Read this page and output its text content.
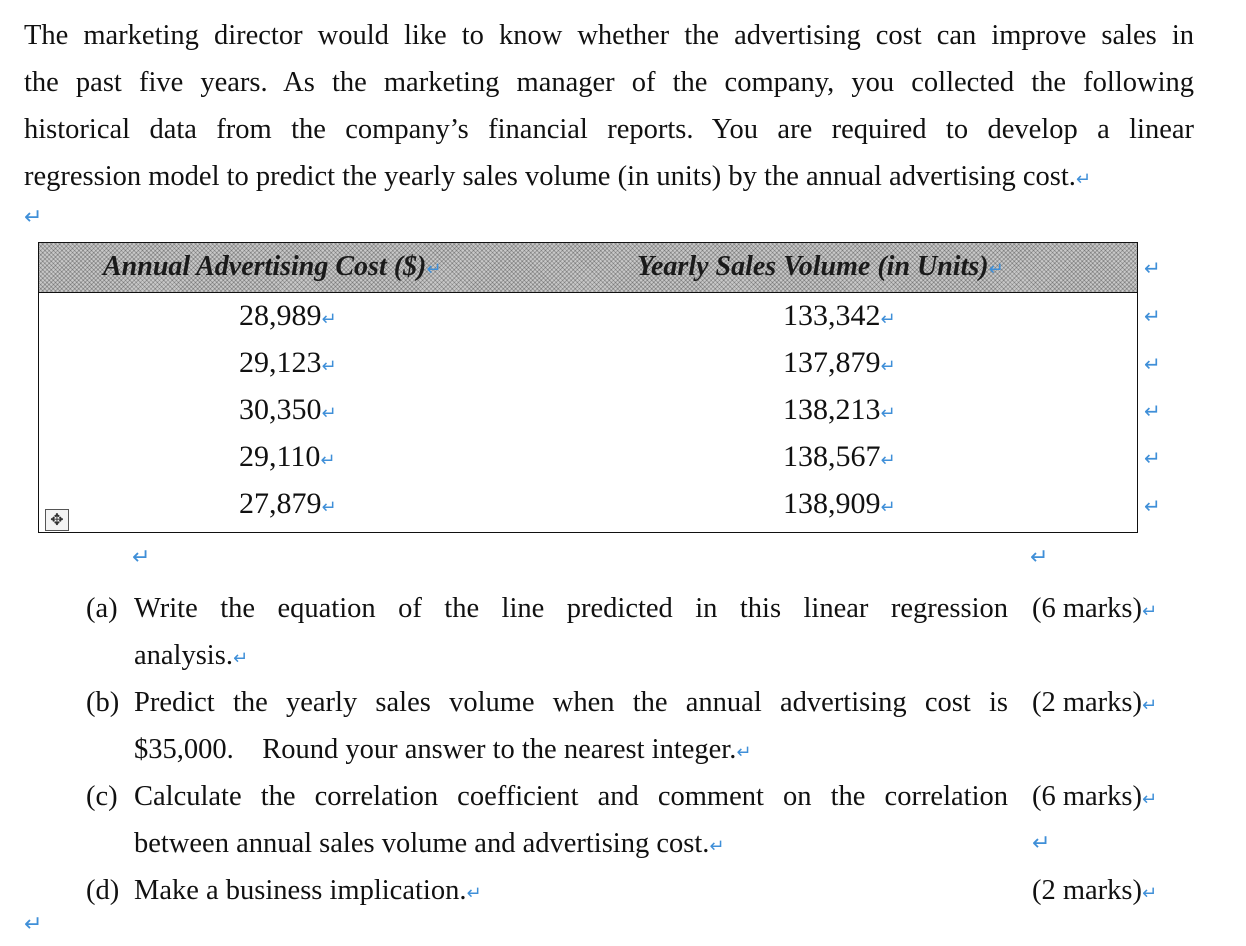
The marketing director would like to know whether the advertising cost can improve sales in
the past five years. As the marketing manager of the company, you collected the following
historical data from the company’s financial reports. You are required to develop a linear
regression model to predict the yearly sales volume (in units) by the annual advertising cost.↵
↵
Annual Advertising Cost ($)↵	Yearly Sales Volume (in Units)↵
28,989↵	133,342↵
29,123↵	137,879↵
30,350↵	138,213↵
29,110↵	138,567↵
27,879↵	138,909↵
↵
↵
↵
↵
↵
↵
✥
↵	↵
(a) Write the equation of the line predicted in this linear regression
analysis.↵
(6 marks)↵
(b) Predict the yearly sales volume when the annual advertising cost is
$35,000.    Round your answer to the nearest integer.↵
(2 marks)↵
(c) Calculate the correlation coefficient and comment on the correlation
between annual sales volume and advertising cost.↵
(6 marks)↵
↵
(d) Make a business implication.↵	(2 marks)↵
↵
